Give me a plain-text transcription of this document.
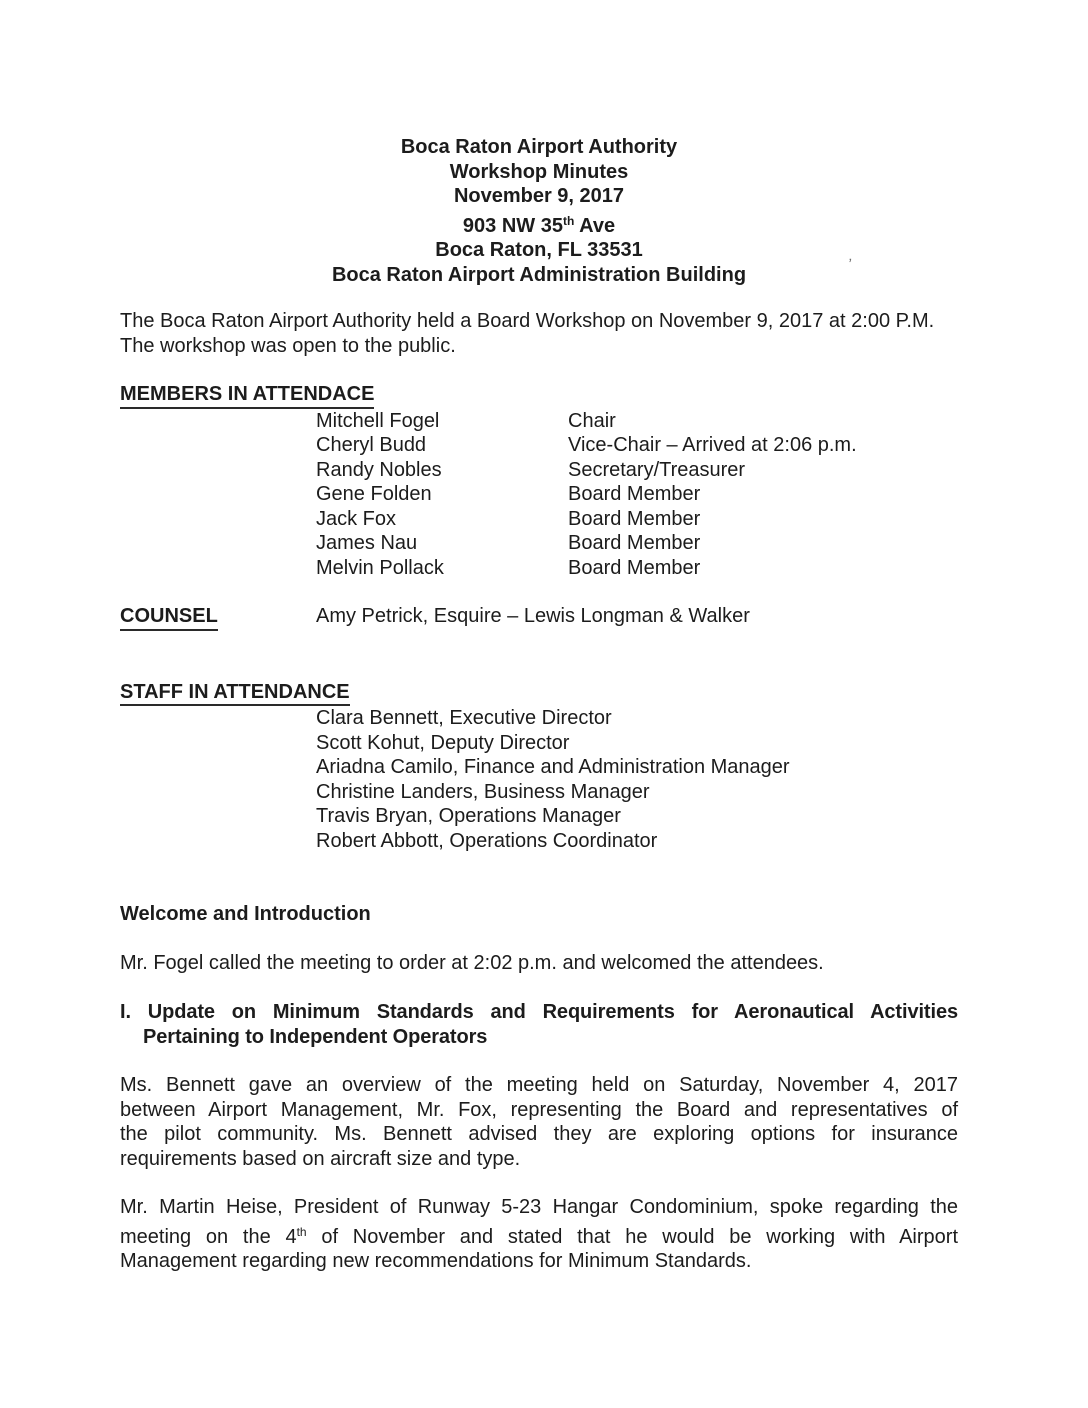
’
Boca Raton Airport Authority
Workshop Minutes
November 9, 2017
903 NW 35th Ave
Boca Raton, FL 33531
Boca Raton Airport Administration Building
The Boca Raton Airport Authority held a Board Workshop on November 9, 2017 at 2:00 P.M. The workshop was open to the public.
MEMBERS IN ATTENDACE
Mitchell Fogel	Chair
Cheryl Budd	Vice-Chair – Arrived at 2:06 p.m.
Randy Nobles	Secretary/Treasurer
Gene Folden	Board Member
Jack Fox	Board Member
James Nau	Board Member
Melvin Pollack	Board Member
COUNSEL	Amy Petrick, Esquire – Lewis Longman & Walker
STAFF IN ATTENDANCE
Clara Bennett, Executive Director
Scott Kohut, Deputy Director
Ariadna Camilo, Finance and Administration Manager
Christine Landers, Business Manager
Travis Bryan, Operations Manager
Robert Abbott, Operations Coordinator
Welcome and Introduction
Mr. Fogel called the meeting to order at 2:02 p.m. and welcomed the attendees.
I. Update on Minimum Standards and Requirements for Aeronautical Activities
Pertaining to Independent Operators
Ms. Bennett gave an overview of the meeting held on Saturday, November 4, 2017
between Airport Management, Mr. Fox, representing the Board and representatives of
the pilot community. Ms. Bennett advised they are exploring options for insurance
requirements based on aircraft size and type.
Mr. Martin Heise, President of Runway 5-23 Hangar Condominium, spoke regarding the
meeting on the 4th of November and stated that he would be working with Airport
Management regarding new recommendations for Minimum Standards.
